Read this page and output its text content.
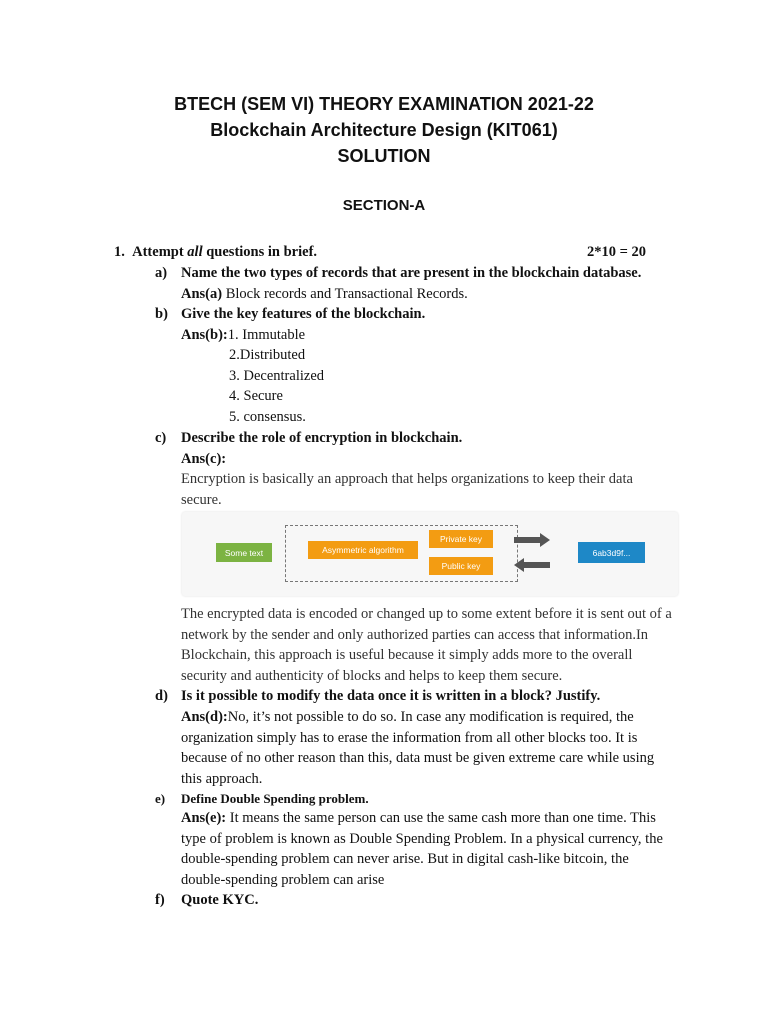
BTECH (SEM VI) THEORY EXAMINATION 2021-22
Blockchain Architecture Design (KIT061)
SOLUTION
SECTION-A
1. Attempt all questions in brief.	2*10 = 20
a) Name the two types of records that are present in the blockchain database.
Ans(a) Block records and Transactional Records.
b) Give the key features of the blockchain.
Ans(b):1. Immutable
2.Distributed
3. Decentralized
4. Secure
5. consensus.
c) Describe the role of encryption in blockchain.
Ans(c):
Encryption is basically an approach that helps organizations to keep their data secure.
Some text	Asymmetric algorithm
Private key
Public key
6ab3d9f...
The encrypted data is encoded or changed up to some extent before it is sent out of a network by the sender and only authorized parties can access that information.In Blockchain, this approach is useful because it simply adds more to the overall security and authenticity of blocks and helps to keep them secure.
d) Is it possible to modify the data once it is written in a block? Justify.
Ans(d):No, it’s not possible to do so. In case any modification is required, the organization simply has to erase the information from all other blocks too. It is because of no other reason than this, data must be given extreme care while using this approach.
e) Define Double Spending problem.
Ans(e): It means the same person can use the same cash more than one time. This type of problem is known as Double Spending Problem. In a physical currency, the double-spending problem can never arise. But in digital cash-like bitcoin, the double-spending problem can arise
f) Quote KYC.
